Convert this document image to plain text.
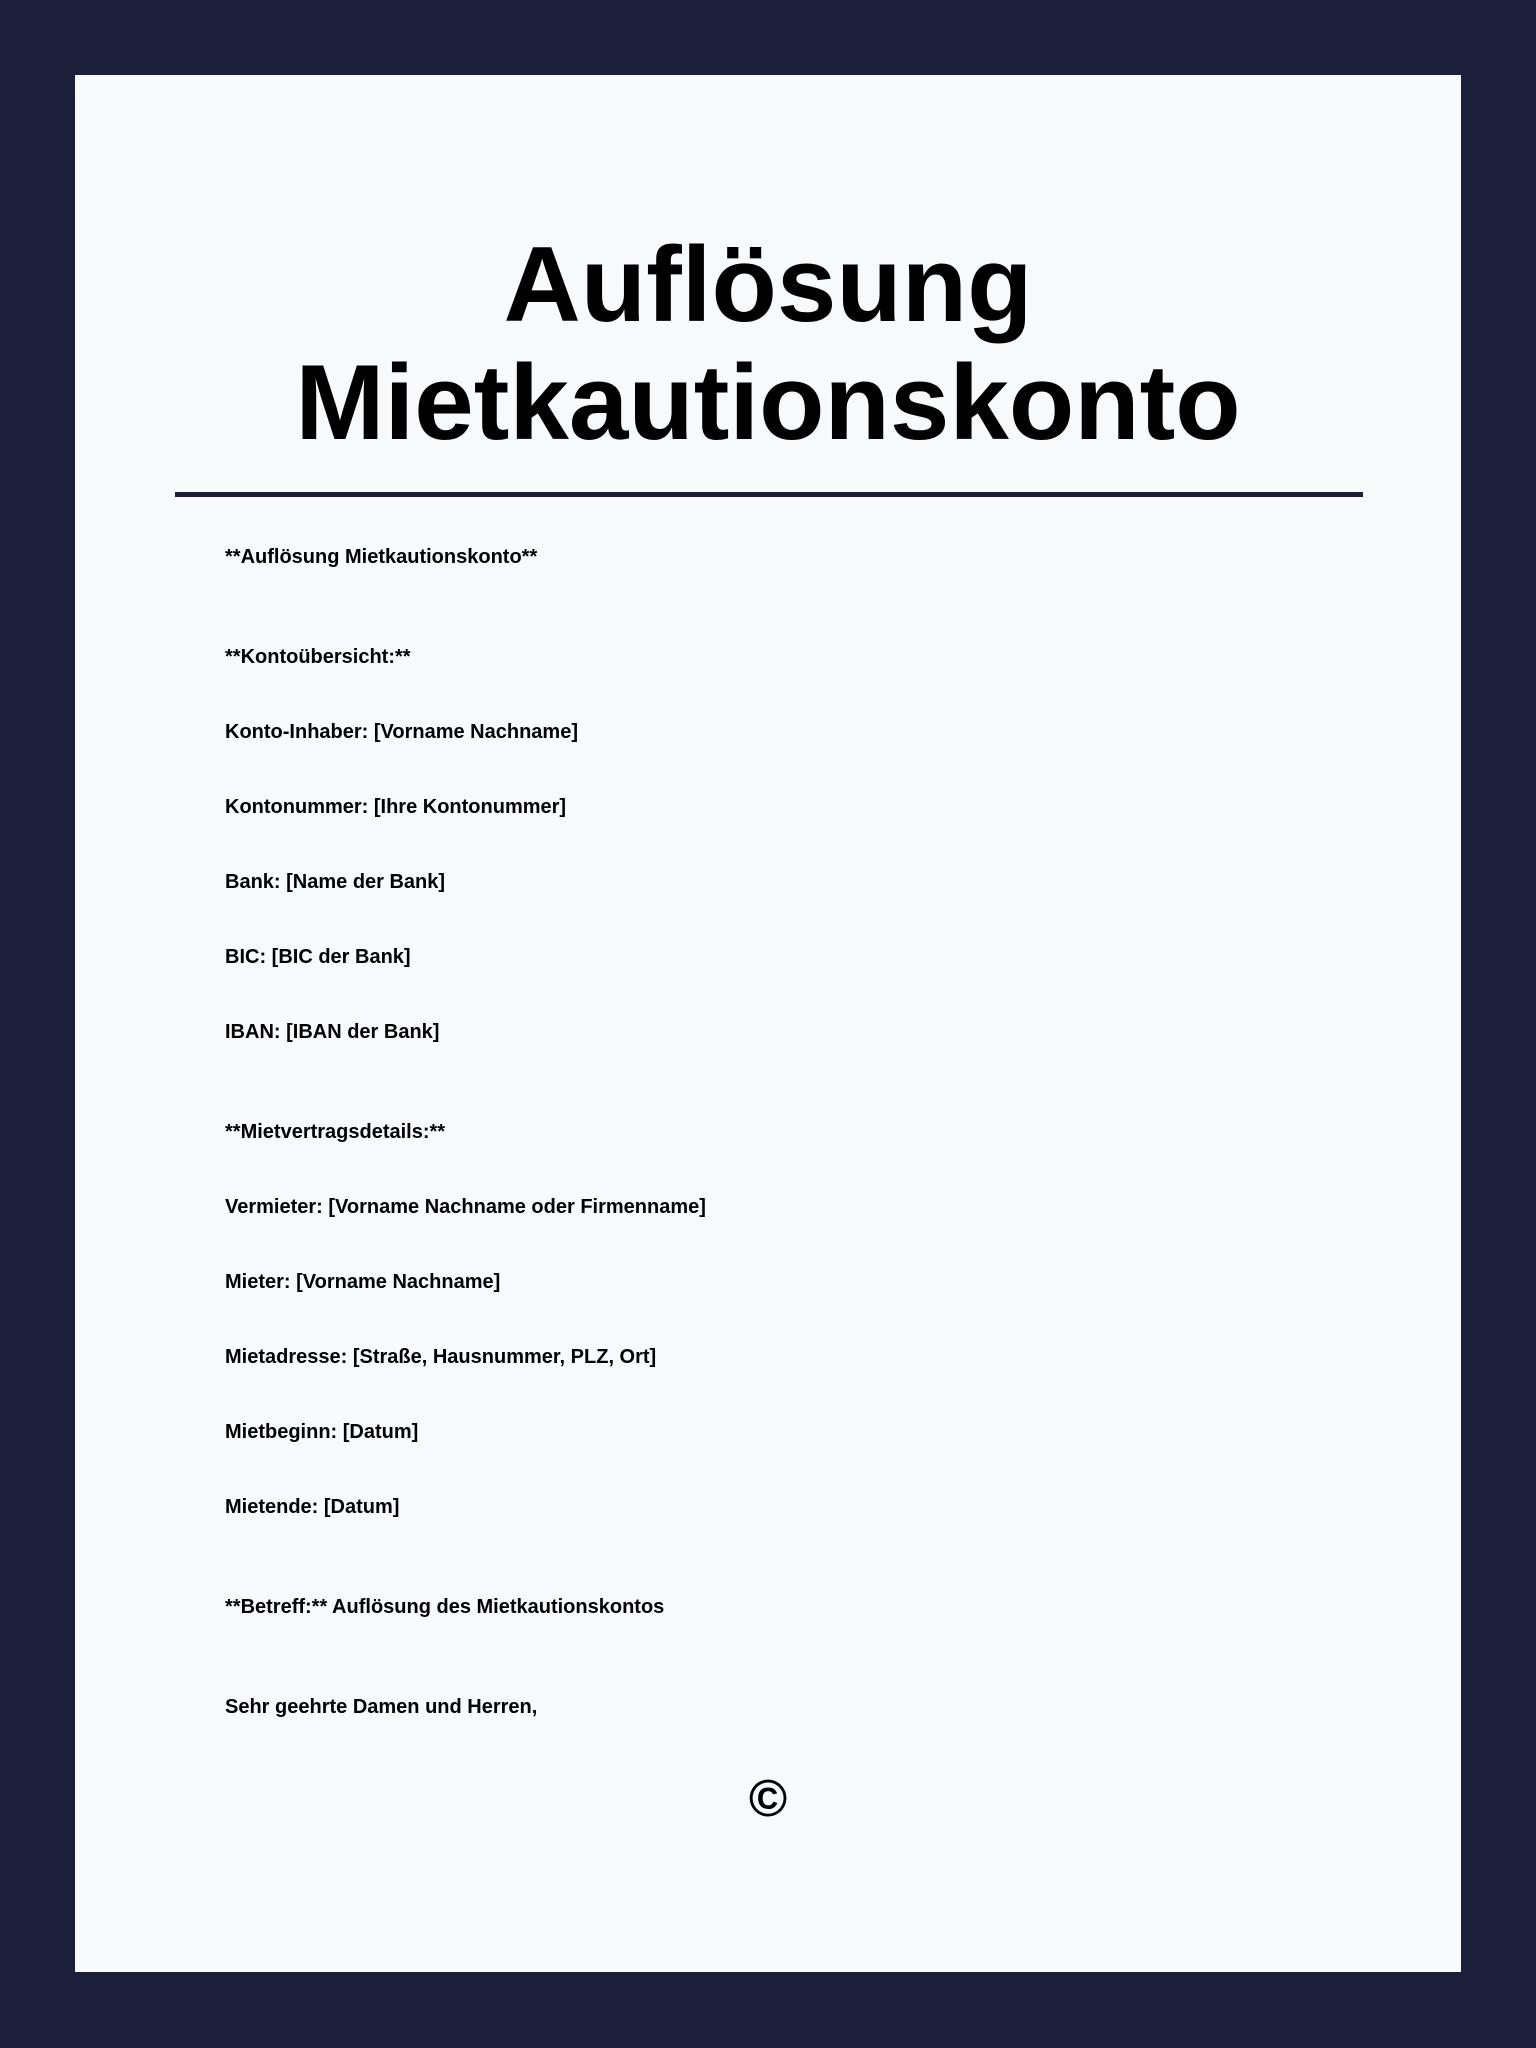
Auflösung
Mietkautionskonto

**Auflösung Mietkautionskonto**

**Kontoübersicht:**

Konto-Inhaber: [Vorname Nachname]

Kontonummer: [Ihre Kontonummer]

Bank: [Name der Bank]

BIC: [BIC der Bank]

IBAN: [IBAN der Bank]

**Mietvertragsdetails:**

Vermieter: [Vorname Nachname oder Firmenname]

Mieter: [Vorname Nachname]

Mietadresse: [Straße, Hausnummer, PLZ, Ort]

Mietbeginn: [Datum]

Mietende: [Datum]

**Betreff:** Auflösung des Mietkautionskontos

Sehr geehrte Damen und Herren,

©
